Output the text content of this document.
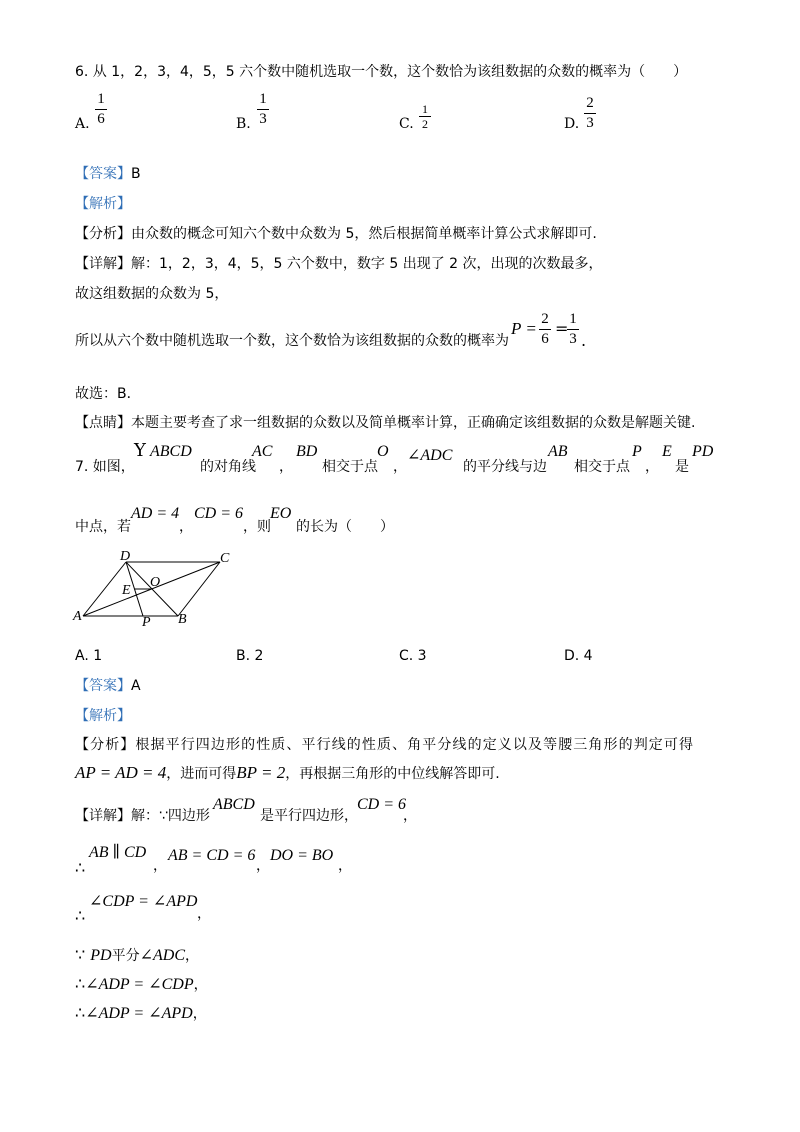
6. 从 1，2，3，4，5，5 六个数中随机选取一个数，这个数恰为该组数据的众数的概率为（　　）
A.
1
6	B.
1
3	C.
1
2	D.
2
3
【答案】B
【解析】
【分析】由众数的概念可知六个数中众数为 5，然后根据简单概率计算公式求解即可.
【详解】解：1，2，3，4，5，5 六个数中，数字 5 出现了 2 次，出现的次数最多，
故这组数据的众数为 5，
所以从六个数中随机选取一个数，这个数恰为该组数据的众数的概率为
P = 2
6
= 1
3 .
故选：B．
【点睛】本题主要考查了求一组数据的众数以及简单概率计算，正确确定该组数据的众数是解题关键.
7. 如图，
Y ABCD
的对角线
AC
，
BD
相交于点
O
，
∠ADC
的平分线与边
AB
相交于点
P
，
E
是
PD
中点，若
AD = 4
，
CD = 6
，则
EO
的长为（　　）
D	C
O
E
A	P B
A. 1	B. 2	C. 3	D. 4
【答案】A
【解析】
【分析】根据平行四边形的性质、平行线的性质、角平分线的定义以及等腰三角形的判定可得
AP = AD = 4，进而可得BP = 2，再根据三角形的中位线解答即可.
【详解】解：∵四边形
ABCD
是平行四边形，
CD = 6
，
∴
AB ∥ CD
，
AB = CD = 6
，
DO = BO
，
∴
∠CDP = ∠APD
，
∵ PD平分∠ADC，
∴∠ADP = ∠CDP，
∴∠ADP = ∠APD，
